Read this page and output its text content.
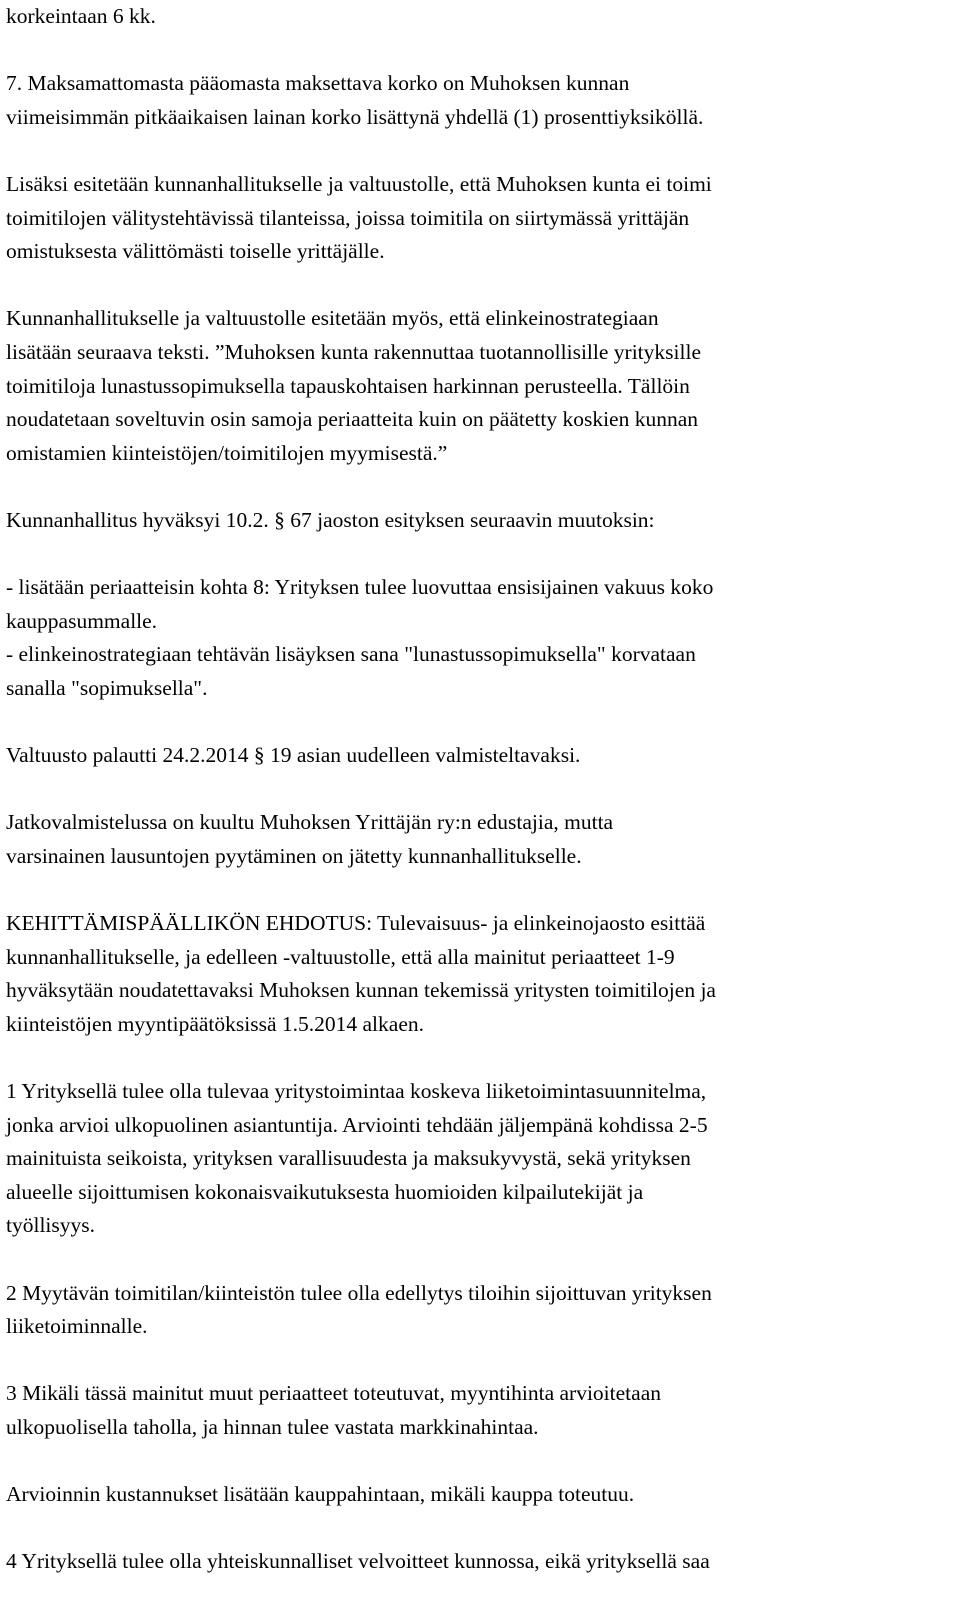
korkeintaan 6 kk.
7. Maksamattomasta pääomasta maksettava korko on Muhoksen kunnan
viimeisimmän pitkäaikaisen lainan korko lisättynä yhdellä (1) prosenttiyksiköllä.
Lisäksi esitetään kunnanhallitukselle ja valtuustolle, että Muhoksen kunta ei toimi
toimitilojen välitystehtävissä tilanteissa, joissa toimitila on siirtymässä yrittäjän
omistuksesta välittömästi toiselle yrittäjälle.
Kunnanhallitukselle ja valtuustolle esitetään myös, että elinkeinostrategiaan
lisätään seuraava teksti. ”Muhoksen kunta rakennuttaa tuotannollisille yrityksille
toimitiloja lunastussopimuksella tapauskohtaisen harkinnan perusteella. Tällöin
noudatetaan soveltuvin osin samoja periaatteita kuin on päätetty koskien kunnan
omistamien kiinteistöjen/toimitilojen myymisestä.”
Kunnanhallitus hyväksyi 10.2. § 67 jaoston esityksen seuraavin muutoksin:
- lisätään periaatteisin kohta 8: Yrityksen tulee luovuttaa ensisijainen vakuus koko
kauppasummalle.
- elinkeinostrategiaan tehtävän lisäyksen sana "lunastussopimuksella" korvataan
sanalla "sopimuksella".
Valtuusto palautti 24.2.2014 § 19 asian uudelleen valmisteltavaksi.
Jatkovalmistelussa on kuultu Muhoksen Yrittäjän ry:n edustajia, mutta
varsinainen lausuntojen pyytäminen on jätetty kunnanhallitukselle.
KEHITTÄMISPÄÄLLIKÖN EHDOTUS: Tulevaisuus- ja elinkeinojaosto esittää
kunnanhallitukselle, ja edelleen -valtuustolle, että alla mainitut periaatteet 1-9
hyväksytään noudatettavaksi Muhoksen kunnan tekemissä yritysten toimitilojen ja
kiinteistöjen myyntipäätöksissä 1.5.2014 alkaen.
1 Yrityksellä tulee olla tulevaa yritystoimintaa koskeva liiketoimintasuunnitelma,
jonka arvioi ulkopuolinen asiantuntija. Arviointi tehdään jäljempänä kohdissa 2-5
mainituista seikoista, yrityksen varallisuudesta ja maksukyvystä, sekä yrityksen
alueelle sijoittumisen kokonaisvaikutuksesta huomioiden kilpailutekijät ja
työllisyys.
2 Myytävän toimitilan/kiinteistön tulee olla edellytys tiloihin sijoittuvan yrityksen
liiketoiminnalle.
3 Mikäli tässä mainitut muut periaatteet toteutuvat, myyntihinta arvioitetaan
ulkopuolisella taholla, ja hinnan tulee vastata markkinahintaa.
Arvioinnin kustannukset lisätään kauppahintaan, mikäli kauppa toteutuu.
4 Yrityksellä tulee olla yhteiskunnalliset velvoitteet kunnossa, eikä yrityksellä saa
